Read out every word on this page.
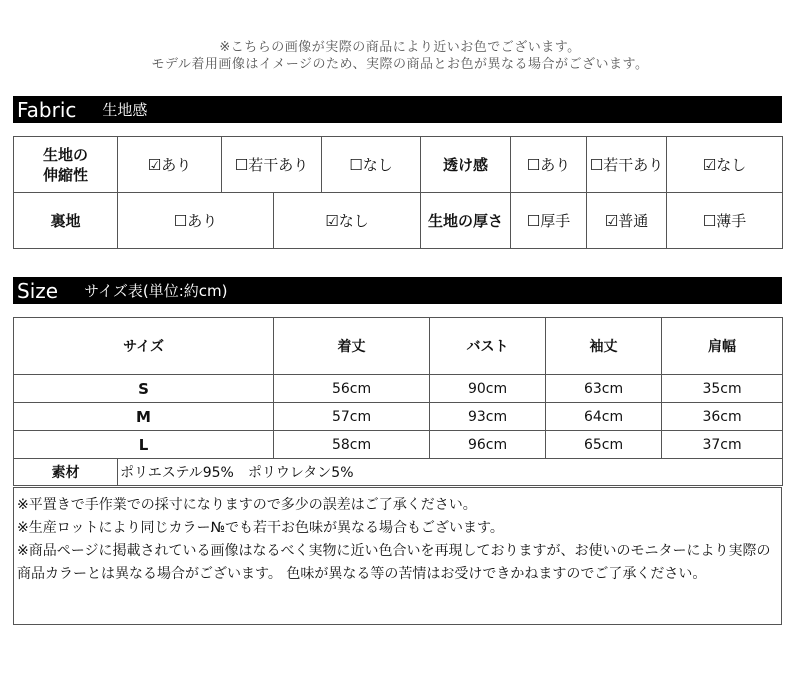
※こちらの画像が実際の商品により近いお色でございます。
モデル着用画像はイメージのため、実際の商品とお色が異なる場合がございます。
Fabric 生地感
生地の
伸縮性	☑あり	☐若干あり		☐なし	透け感	☐あり	☐若干あり	☑なし
裏地	☐あり		☑なし		生地の厚さ	☐厚手	☑普通	☐薄手
Size サイズ表(単位:約cm)
サイズ		着丈	バスト	袖丈	肩幅
S		56cm	90cm	63cm	35cm
M		57cm	93cm	64cm	36cm
L		58cm	96cm	65cm	37cm
素材	ポリエステル95%　ポリウレタン5%				

※平置きで手作業での採寸になりますので多少の誤差はご了承ください。

※生産ロットにより同じカラー№でも若干お色味が異なる場合もございます。

※商品ページに掲載されている画像はなるべく実物に近い色合いを再現しておりますが、お使いのモニターにより実際の商品カラーとは異なる場合がございます。 色味が異なる等の苦情はお受けできかねますのでご了承ください。
